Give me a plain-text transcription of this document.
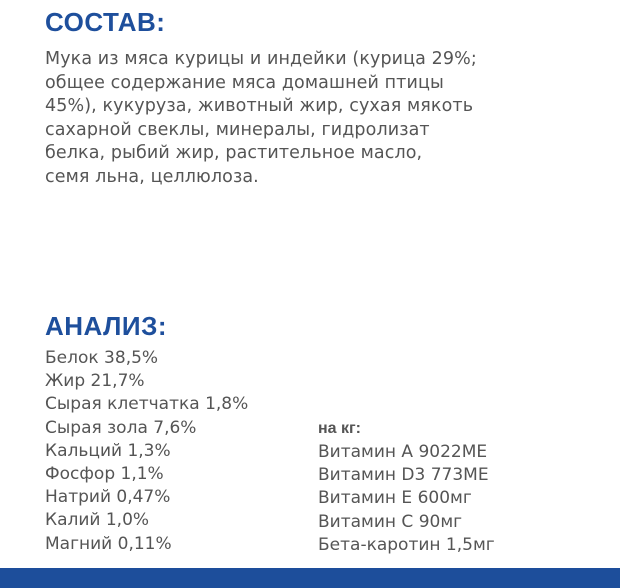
СОСТАВ:

Мука из мяса курицы и индейки (курица 29%;
общее содержание мяса домашней птицы
45%), кукуруза, животный жир, сухая мякоть
сахарной свеклы, минералы, гидролизат
белка, рыбий жир, растительное масло,
семя льна, целлюлоза.

АНАЛИЗ:
Белок 38,5%
Жир 21,7%
Сырая клетчатка 1,8%
Сырая зола 7,6%
Кальций 1,3%
Фосфор 1,1%
Натрий 0,47%
Калий 1,0%
Магний 0,11%
на кг:
Витамин А 9022МЕ
Витамин D3 773МЕ
Витамин Е 600мг
Витамин С 90мг
Бета-каротин 1,5мг
